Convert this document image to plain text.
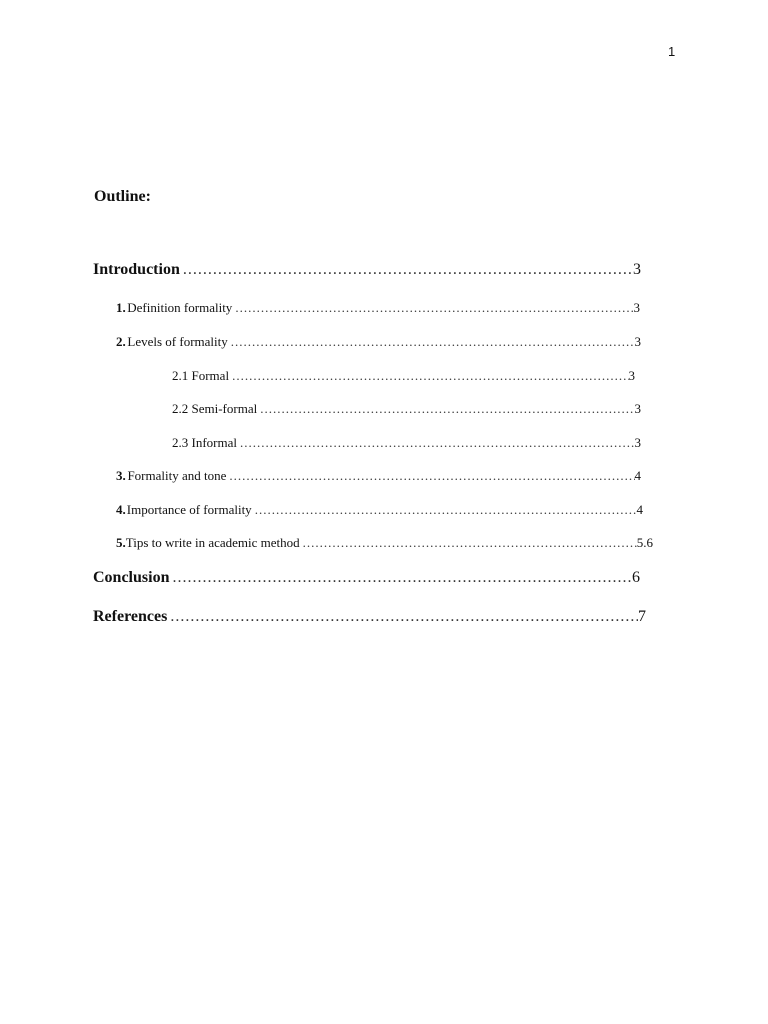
1
Outline:
Introduction .....	3
1. Definition formality .....	3
2. Levels of formality .....	3
2.1 Formal .....	3
2.2 Semi-formal .....	3
2.3 Informal .....	3
3. Formality and tone .....	4
4. Importance of formality .....	4
5. Tips to write in academic method .....	5.6
Conclusion .....	6
References .....	7
